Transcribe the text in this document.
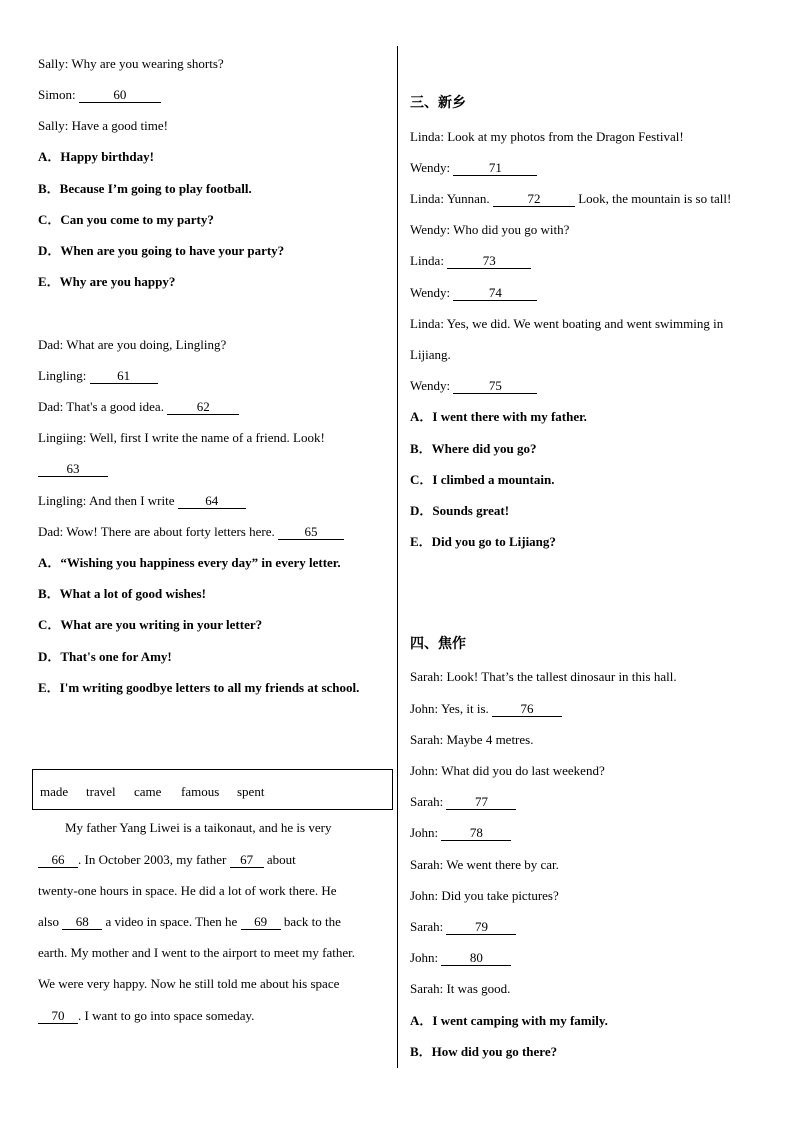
Sally: Why are you wearing shorts?
Simon:	60
Sally: Have a good time!
A．Happy birthday!
B．Because I’m going to play football.
C．Can you come to my party?
D．When are you going to have your party?
E．Why are you happy?
Dad: What are you doing, Lingling?
Lingling: 61
Dad: That's a good idea.	62
Lingiing: Well, first I write the name of a friend. Look!
63
Lingling: And then I write 64
Dad: Wow! There are about forty letters here. 65
A．“Wishing you happiness every day” in every letter.
B．What a lot of good wishes!
C．What are you writing in your letter?
D．That's one for Amy!
E．I'm writing goodbye letters to all my friends at school.
made travel came famous spent
My father Yang Liwei is a taikonaut, and he is very
66 . In October 2003, my father 67 about
twenty-one hours in space. He did a lot of work there. He
also 68 a video in space. Then he 69 back to the
earth. My mother and I went to the airport to meet my father.
We were very happy. Now he still told me about his space
70 . I want to go into space someday.
三、新乡
Linda: Look at my photos from the Dragon Festival!
Wendy:	71
Linda: Yunnan.	72	Look, the mountain is so tall!
Wendy: Who did you go with?
Linda:	73
Wendy:	74
Linda: Yes, we did. We went boating and went swimming in
Lijiang.
Wendy:	75
A．I went there with my father.
B．Where did you go?
C．I climbed a mountain.
D．Sounds great!
E．Did you go to Lijiang?
四、焦作
Sarah: Look! That’s the tallest dinosaur in this hall.
John: Yes, it is. 76
Sarah: Maybe 4 metres.
John: What did you do last weekend?
Sarah: 77
John: 78
Sarah: We went there by car.
John: Did you take pictures?
Sarah: 79
John: 80
Sarah: It was good.
A．I went camping with my family.
B．How did you go there?
